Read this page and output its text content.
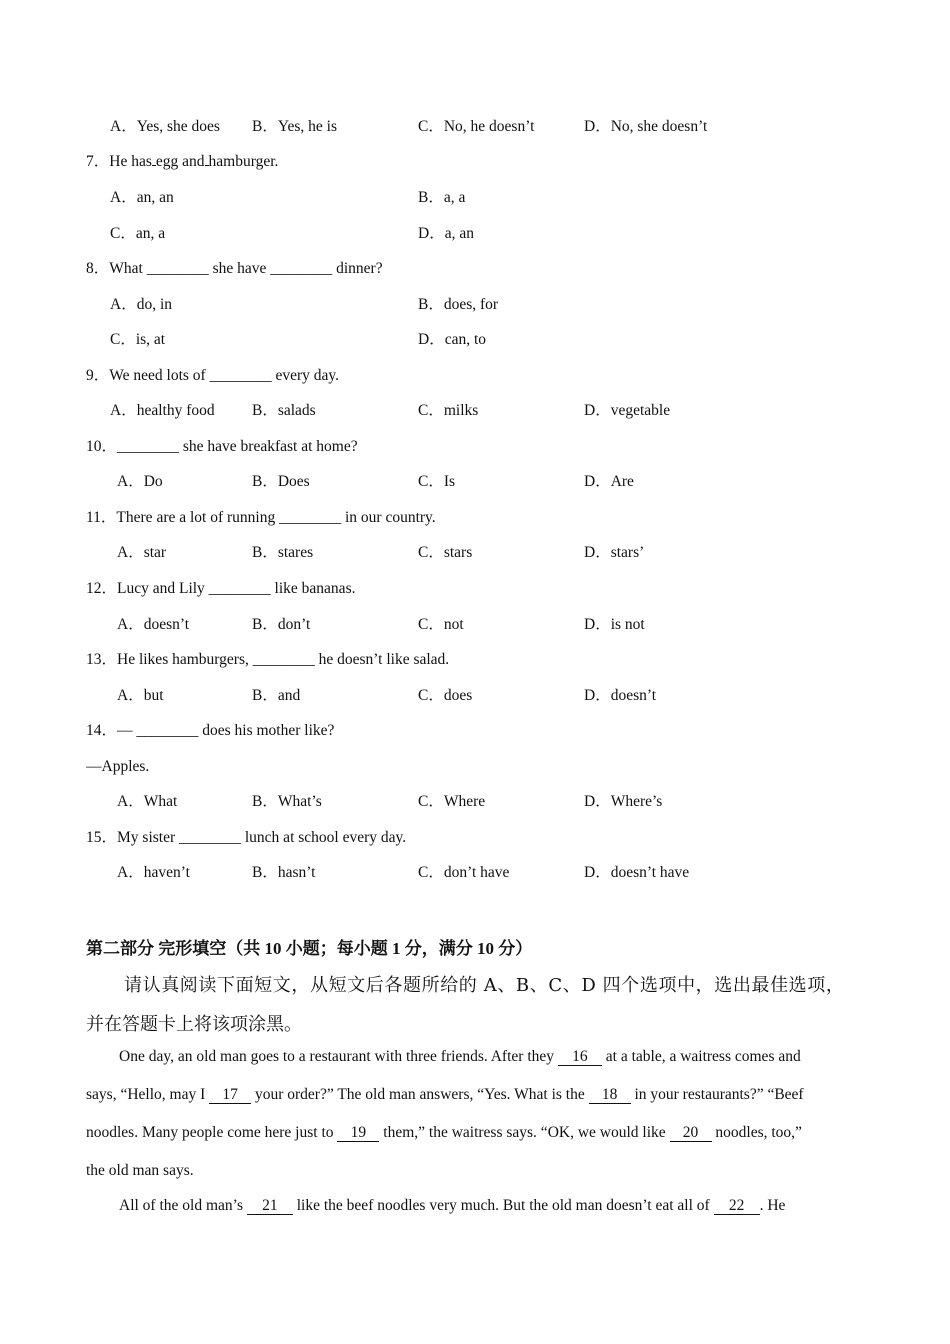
A．Yes, she does B．Yes, he is	C．No, he doesn’t	D．No, she doesn’t
7．He has egg and hamburger.
A．an, an	B．a, a
C．an, a	D．a, an
8．What ________ she have ________ dinner?
A．do, in	B．does, for
C．is, at	D．can, to
9．We need lots of ________ every day.
A．healthy food B．salads	C．milks	D．vegetable
10．________ she have breakfast at home?
A．Do	B．Does	C．Is	D．Are
11．There are a lot of running ________ in our country.
A．star	B．stares	C．stars	D．stars’
12．Lucy and Lily ________ like bananas.
A．doesn’t	B．don’t	C．not	D．is not
13．He likes hamburgers, ________ he doesn’t like salad.
A．but	B．and	C．does	D．doesn’t
14．— ________ does his mother like?
—Apples.
A．What	B．What’s	C．Where	D．Where’s
15．My sister ________ lunch at school every day.
A．haven’t	B．hasn’t	C．don’t have	D．doesn’t have
第二部分 完形填空（共 10 小题；每小题 1 分，满分 10 分）
请认真阅读下面短文，从短文后各题所给的 A、B、C、D 四个选项中，选出最佳选项，
并在答题卡上将该项涂黑。
One day, an old man goes to a restaurant with three friends. After they 16 at a table, a waitress comes and
says, “Hello, may I 17 your order?” The old man answers, “Yes. What is the 18 in your restaurants?” “Beef
noodles. Many people come here just to 19 them,” the waitress says. “OK, we would like 20 noodles, too,”
the old man says.
All of the old man’s 21 like the beef noodles very much. But the old man doesn’t eat all of 22 . He
